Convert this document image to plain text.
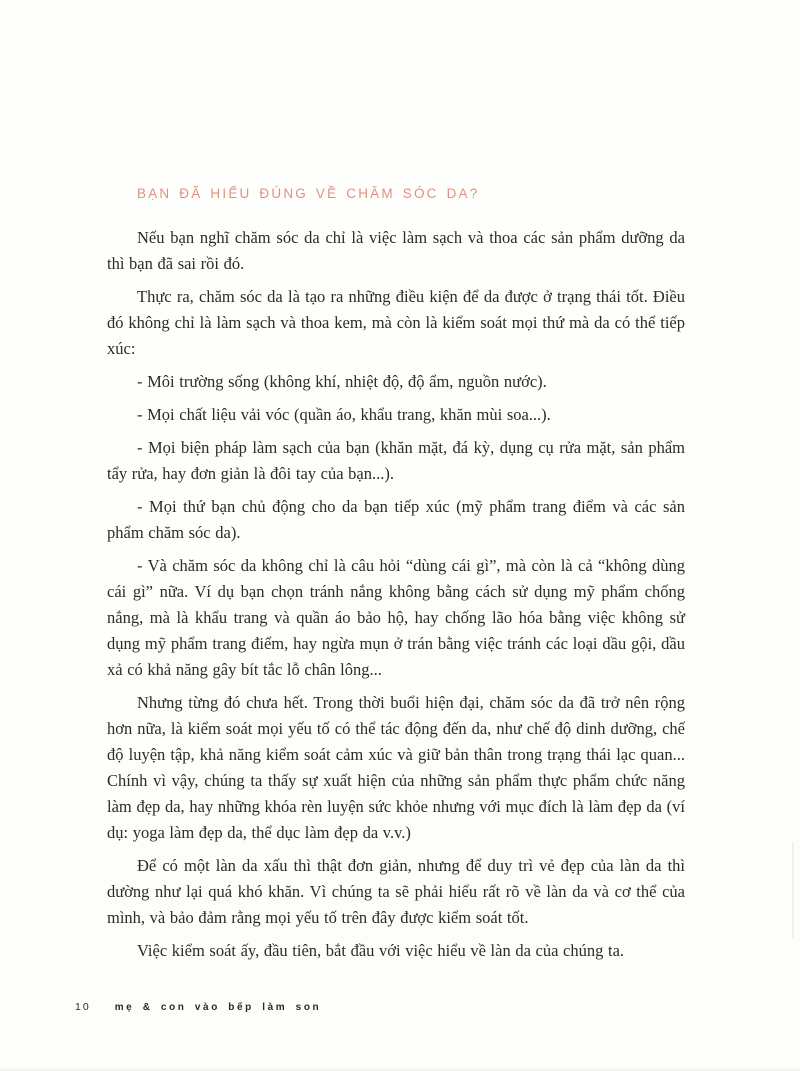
BẠN ĐÃ HIỂU ĐÚNG VỀ CHĂM SÓC DA?

Nếu bạn nghĩ chăm sóc da chỉ là việc làm sạch và thoa các sản phẩm dưỡng da thì bạn đã sai rồi đó.

Thực ra, chăm sóc da là tạo ra những điều kiện để da được ở trạng thái tốt. Điều đó không chỉ là làm sạch và thoa kem, mà còn là kiểm soát mọi thứ mà da có thể tiếp xúc:

- Môi trường sống (không khí, nhiệt độ, độ ẩm, nguồn nước).

- Mọi chất liệu vải vóc (quần áo, khẩu trang, khăn mùi soa...).

- Mọi biện pháp làm sạch của bạn (khăn mặt, đá kỳ, dụng cụ rửa mặt, sản phẩm tẩy rửa, hay đơn giản là đôi tay của bạn...).

- Mọi thứ bạn chủ động cho da bạn tiếp xúc (mỹ phẩm trang điểm và các sản phẩm chăm sóc da).

- Và chăm sóc da không chỉ là câu hỏi “dùng cái gì”, mà còn là cả “không dùng cái gì” nữa. Ví dụ bạn chọn tránh nắng không bằng cách sử dụng mỹ phẩm chống nắng, mà là khẩu trang và quần áo bảo hộ, hay chống lão hóa bằng việc không sử dụng mỹ phẩm trang điểm, hay ngừa mụn ở trán bằng việc tránh các loại dầu gội, dầu xả có khả năng gây bít tắc lỗ chân lông...

Nhưng từng đó chưa hết. Trong thời buổi hiện đại, chăm sóc da đã trở nên rộng hơn nữa, là kiểm soát mọi yếu tố có thể tác động đến da, như chế độ dinh dưỡng, chế độ luyện tập, khả năng kiểm soát cảm xúc và giữ bản thân trong trạng thái lạc quan... Chính vì vậy, chúng ta thấy sự xuất hiện của những sản phẩm thực phẩm chức năng làm đẹp da, hay những khóa rèn luyện sức khỏe nhưng với mục đích là làm đẹp da (ví dụ: yoga làm đẹp da, thể dục làm đẹp da v.v.)

Để có một làn da xấu thì thật đơn giản, nhưng để duy trì vẻ đẹp của làn da thì dường như lại quá khó khăn. Vì chúng ta sẽ phải hiểu rất rõ về làn da và cơ thể của mình, và bảo đảm rằng mọi yếu tố trên đây được kiểm soát tốt.

Việc kiểm soát ấy, đầu tiên, bắt đầu với việc hiểu về làn da của chúng ta.

10 mẹ & con vào bếp làm son
